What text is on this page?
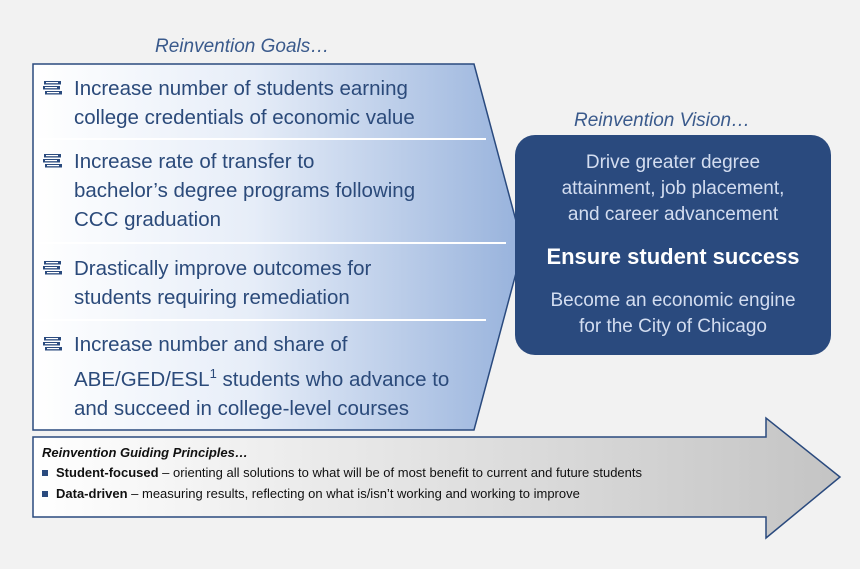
Reinvention Goals…
Increase number of students earning
college credentials of economic value
Increase rate of transfer to
bachelor’s degree programs following
CCC graduation
Drastically improve outcomes for
students requiring remediation
Increase number and share of
ABE/GED/ESL$^1$ students who advance to
and succeed in college-level courses
Reinvention Vision…
Drive greater degree
attainment, job placement,
and career advancement
Ensure student success
Become an economic engine
for the City of Chicago
Reinvention Guiding Principles…
Student-focused – orienting all solutions to what will be of most benefit to current and future students
Data-driven – measuring results, reflecting on what is/isn’t working and working to improve
